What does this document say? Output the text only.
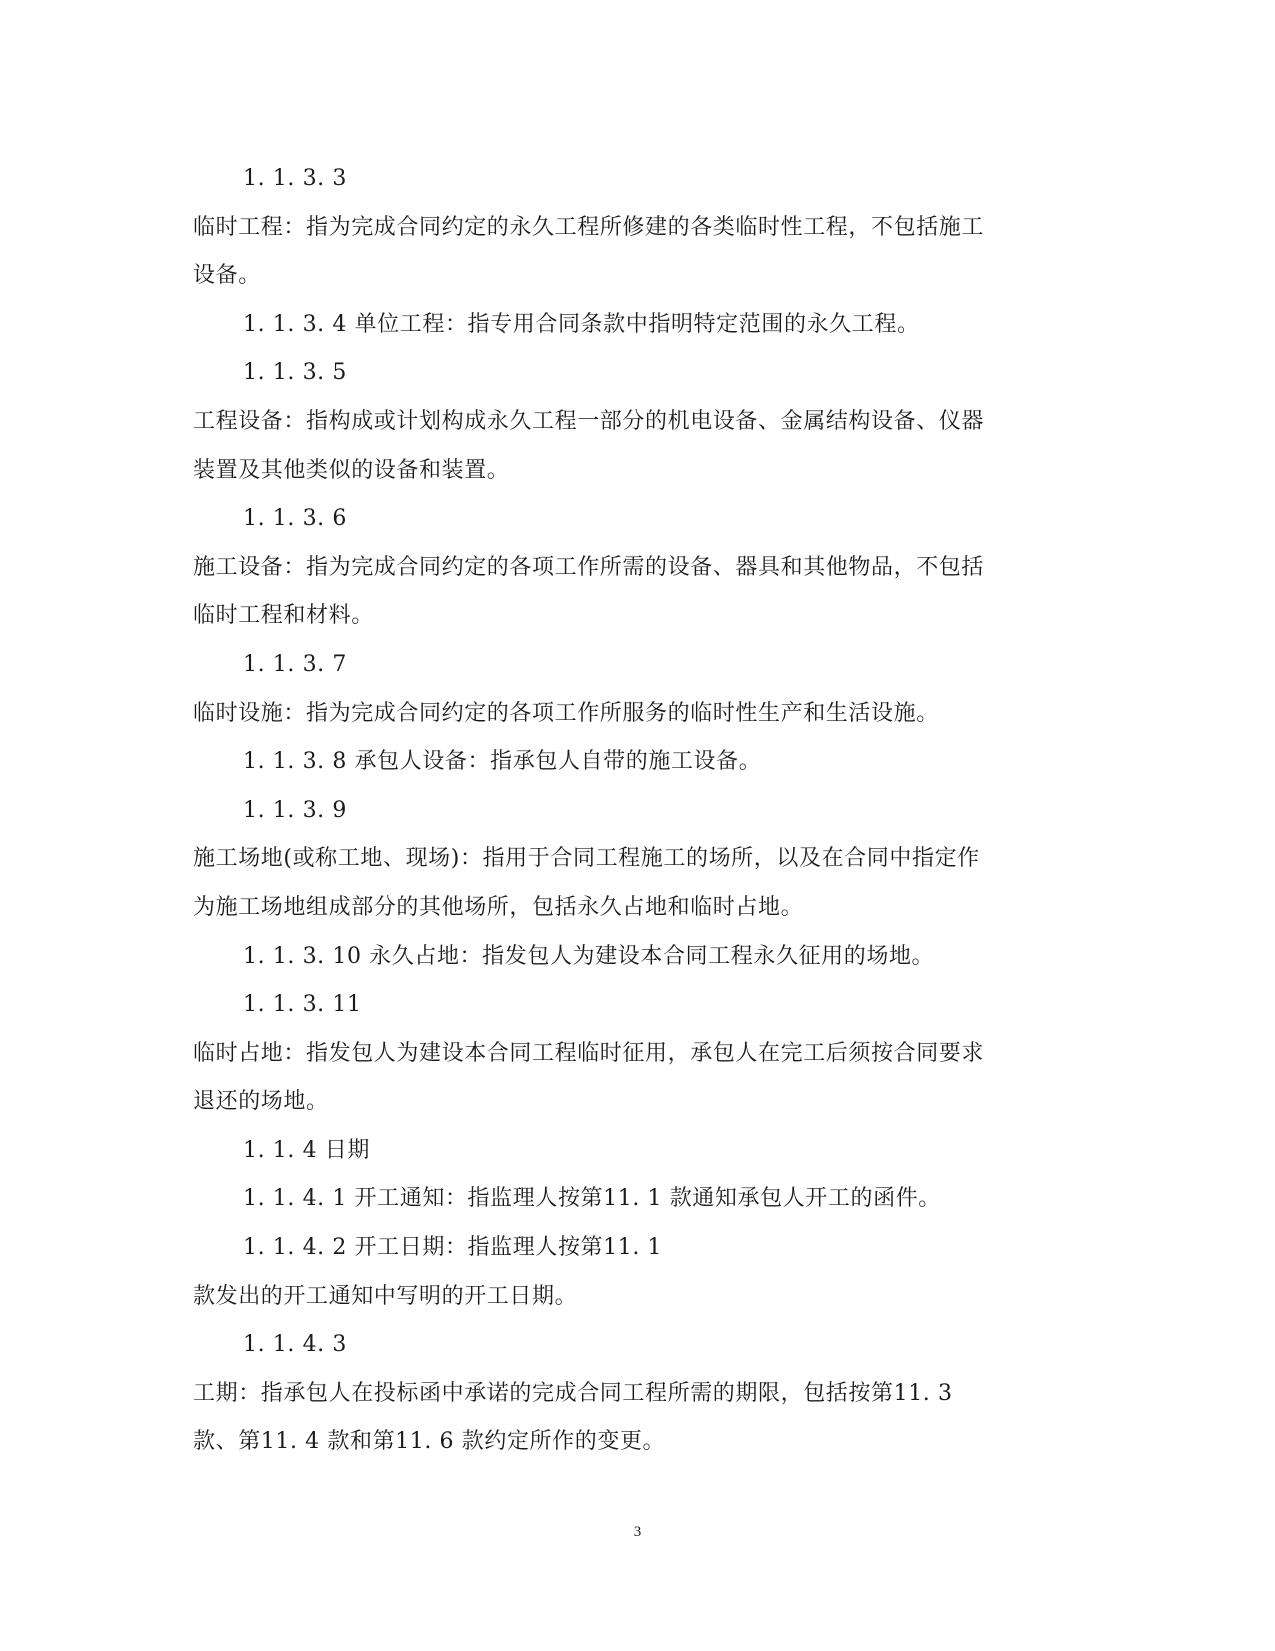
1. 1. 3. 3
临时工程：指为完成合同约定的永久工程所修建的各类临时性工程，不包括施工
设备。
1. 1. 3. 4 单位工程：指专用合同条款中指明特定范围的永久工程。
1. 1. 3. 5
工程设备：指构成或计划构成永久工程一部分的机电设备、金属结构设备、仪器
装置及其他类似的设备和装置。
1. 1. 3. 6
施工设备：指为完成合同约定的各项工作所需的设备、器具和其他物品，不包括
临时工程和材料。
1. 1. 3. 7
临时设施：指为完成合同约定的各项工作所服务的临时性生产和生活设施。
1. 1. 3. 8 承包人设备：指承包人自带的施工设备。
1. 1. 3. 9
施工场地(或称工地、现场)：指用于合同工程施工的场所，以及在合同中指定作
为施工场地组成部分的其他场所，包括永久占地和临时占地。
1. 1. 3. 10 永久占地：指发包人为建设本合同工程永久征用的场地。
1. 1. 3. 11
临时占地：指发包人为建设本合同工程临时征用，承包人在完工后须按合同要求
退还的场地。
1. 1. 4 日期
1. 1. 4. 1 开工通知：指监理人按第11. 1 款通知承包人开工的函件。
1. 1. 4. 2 开工日期：指监理人按第11. 1
款发出的开工通知中写明的开工日期。
1. 1. 4. 3
工期：指承包人在投标函中承诺的完成合同工程所需的期限，包括按第11. 3
款、第11. 4 款和第11. 6 款约定所作的变更。
3
